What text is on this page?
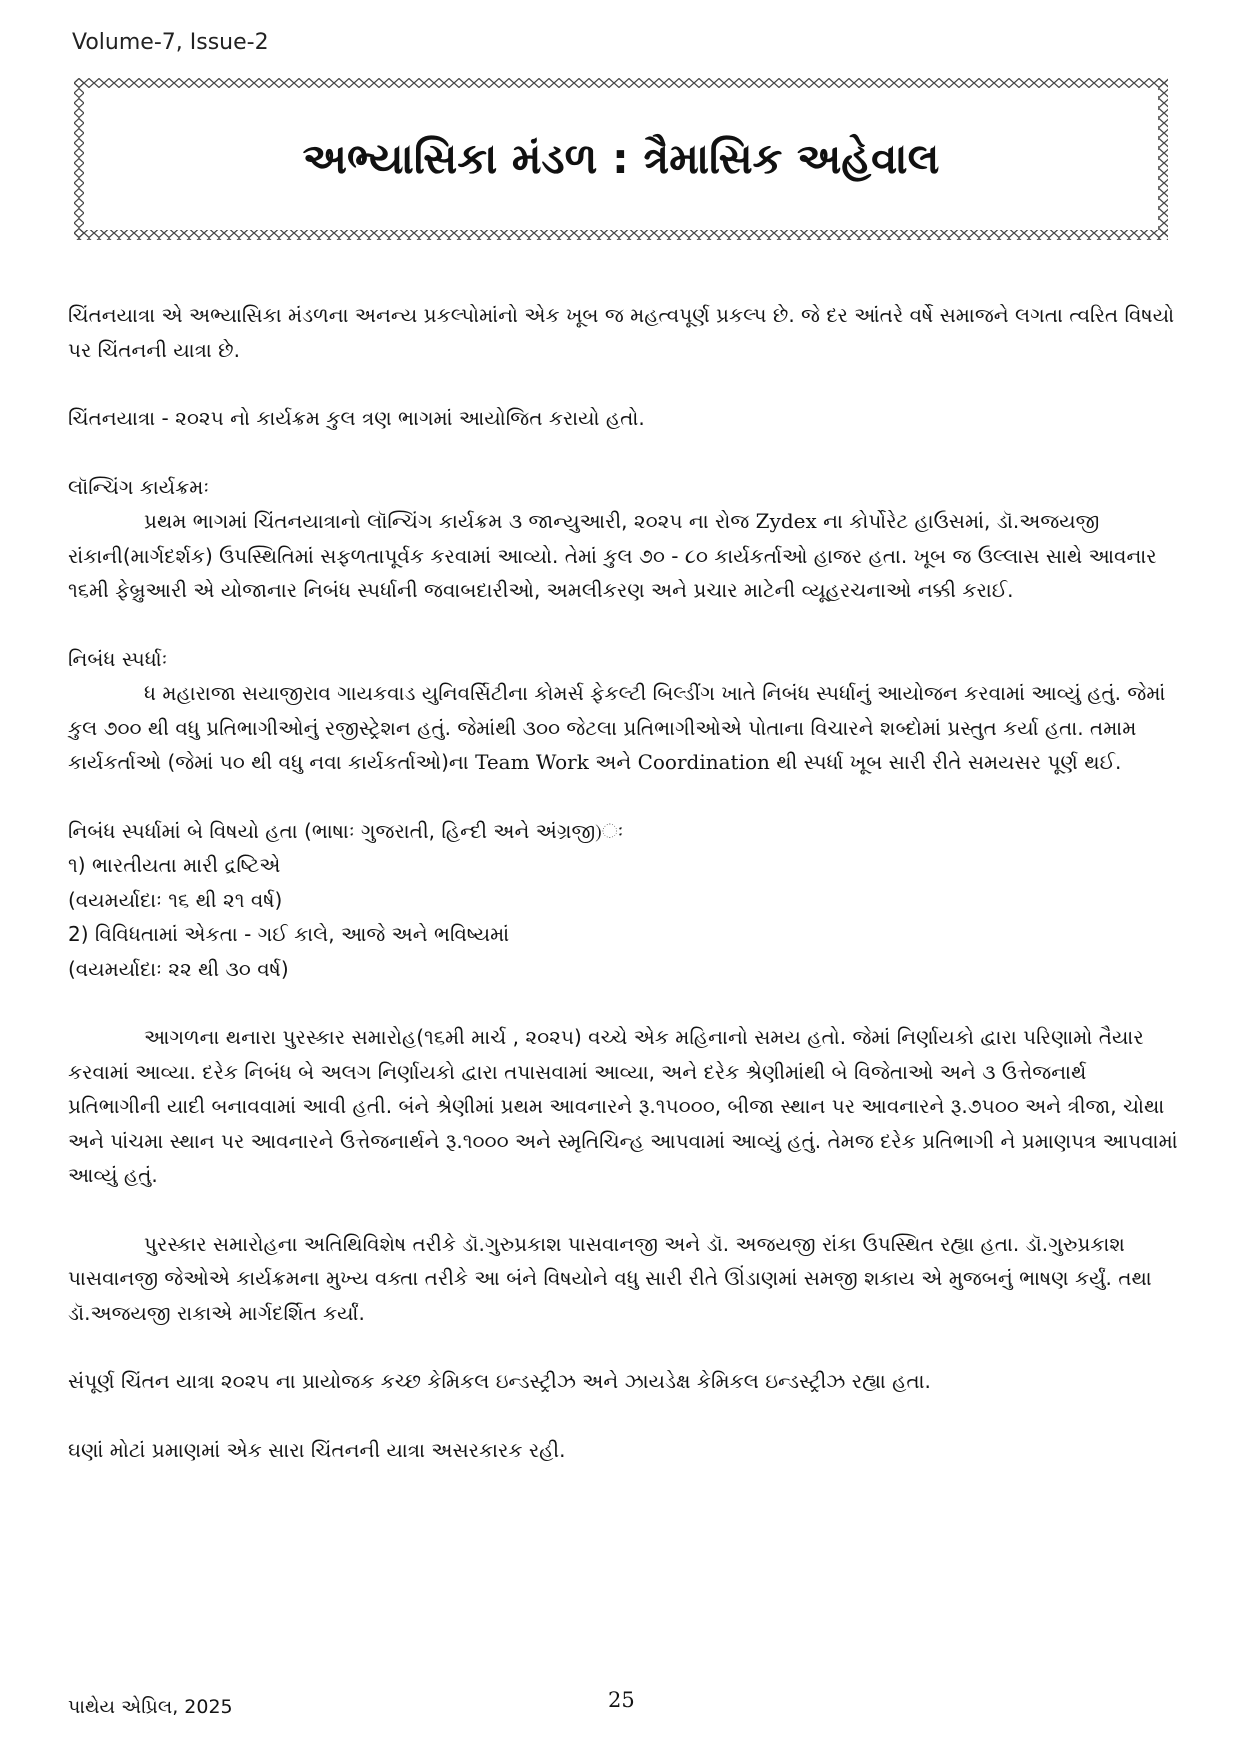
Volume-7, Issue-2
અભ્યાસિકા મંડળ : ત્રૈમાસિક અહેવાલ

ચિંતનયાત્રા એ અભ્યાસિકા મંડળના અનન્ય પ્રકલ્પોમાંનો એક ખૂબ જ મહત્વપૂર્ણ પ્રકલ્પ છે. જે દર આંતરે વર્ષે સમાજને લગતા ત્વરિત વિષયો પર ચિંતનની યાત્રા છે.

ચિંતનયાત્રા - ૨૦૨૫ નો કાર્યક્રમ કુલ ત્રણ ભાગમાં આયોજિત કરાયો હતો.

લૉન્ચિંગ કાર્યક્રમઃ

પ્રથમ ભાગમાં ચિંતનયાત્રાનો લૉન્ચિંગ કાર્યક્રમ ૩ જાન્યુઆરી, ૨૦૨૫ ના રોજ Zydex ના કોર્પોરેટ હાઉસમાં, ડૉ.અજયજી રાંકાની(માર્ગદર્શક) ઉપસ્થિતિમાં સફળતાપૂર્વક કરવામાં આવ્યો. તેમાં કુલ ૭૦ - ૮૦ કાર્યકર્તાઓ હાજર હતા. ખૂબ જ ઉલ્લાસ સાથે આવનાર ૧૬મી ફેબ્રુઆરી એ યોજાનાર નિબંધ સ્પર્ધાની જવાબદારીઓ, અમલીકરણ અને પ્રચાર માટેની વ્યૂહરચનાઓ નક્કી કરાઈ.

નિબંધ સ્પર્ધાઃ

ધ મહારાજા સયાજીરાવ ગાયકવાડ યુનિવર્સિટીના કોમર્સ ફેકલ્ટી બિલ્ડીંગ ખાતે નિબંધ સ્પર્ધાનું આયોજન કરવામાં આવ્યું હતું. જેમાં કુલ ૭૦૦ થી વધુ પ્રતિભાગીઓનું રજીસ્ટ્રેશન હતું. જેમાંથી ૩૦૦ જેટલા પ્રતિભાગીઓએ પોતાના વિચારને શબ્દોમાં પ્રસ્તુત કર્યા હતા. તમામ કાર્યકર્તાઓ (જેમાં ૫૦ થી વધુ નવા કાર્યકર્તાઓ)ના Team Work અને Coordination થી સ્પર્ધા ખૂબ સારી રીતે સમયસર પૂર્ણ થઈ.

નિબંધ સ્પર્ધામાં બે વિષયો હતા (ભાષાઃ ગુજરાતી, હિન્દી અને અંગ્રજી)ઃ

૧) ભારતીયતા મારી દ્રષ્ટિએ

(વયમર્યાદાઃ ૧૬ થી ૨૧ વર્ષ)

2) વિવિધતામાં એકતા - ગઈ કાલે, આજે અને ભવિષ્યમાં

(વયમર્યાદાઃ ૨૨ થી ૩૦ વર્ષ)

આગળના થનારા પુરસ્કાર સમારોહ(૧૬મી માર્ચ , ૨૦૨૫) વચ્ચે એક મહિનાનો સમય હતો. જેમાં નિર્ણાયકો દ્વારા પરિણામો તૈયાર કરવામાં આવ્યા. દરેક નિબંધ બે અલગ નિર્ણાયકો દ્વારા તપાસવામાં આવ્યા, અને દરેક શ્રેણીમાંથી બે વિજેતાઓ અને ૩ ઉત્તેજનાર્થ પ્રતિભાગીની યાદી બનાવવામાં આવી હતી. બંને શ્રેણીમાં પ્રથમ આવનારને રૂ.૧૫૦૦૦, બીજા સ્થાન પર આવનારને રૂ.૭૫૦૦ અને ત્રીજા, ચોથા અને પાંચમા સ્થાન પર આવનારને ઉત્તેજનાર્થને રૂ.૧૦૦૦ અને સ્મૃતિચિન્હ આપવામાં આવ્યું હતું. તેમજ દરેક પ્રતિભાગી ને પ્રમાણપત્ર આપવામાં આવ્યું હતું.

પુરસ્કાર સમારોહના અતિથિવિશેષ તરીકે ડૉ.ગુરુપ્રકાશ પાસવાનજી અને ડૉ. અજયજી રાંકા ઉપસ્થિત રહ્યા હતા. ડૉ.ગુરુપ્રકાશ પાસવાનજી જેઓએ કાર્યક્રમના મુખ્ય વક્તા તરીકે આ બંને વિષયોને વધુ સારી રીતે ઊંડાણમાં સમજી શકાય એ મુજબનું ભાષણ કર્યું. તથા ડૉ.અજયજી રાકાએ માર્ગદર્શિત કર્યાં.

સંપૂર્ણ ચિંતન યાત્રા ૨૦૨૫ ના પ્રાયોજક કચ્છ કેમિકલ ઇન્ડસ્ટ્રીઝ અને ઝાયડેક્ષ કેમિકલ ઇન્ડસ્ટ્રીઝ રહ્યા હતા.

ઘણાં મોટાં પ્રમાણમાં એક સારા ચિંતનની યાત્રા અસરકારક રહી.

પાથેય એપ્રિલ, 2025	25
